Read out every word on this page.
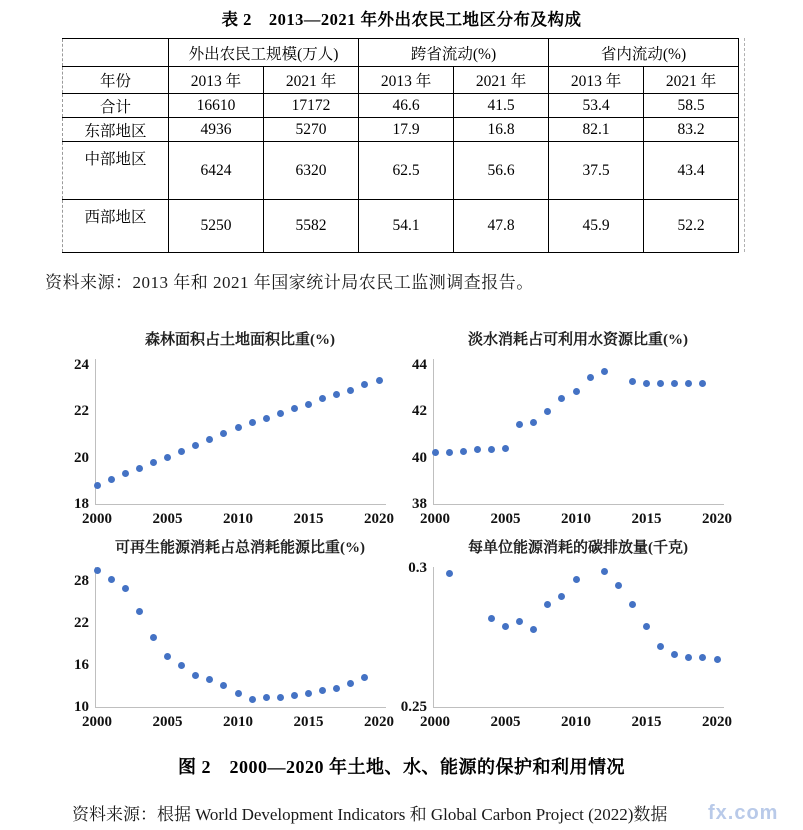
表 2　2013—2021 年外出农民工地区分布及构成
	外出农民工规模(万人)		跨省流动(%)		省内流动(%)	
年份	2013 年	2021 年	2013 年	2021 年	2013 年	2021 年
合计	16610	17172	46.6	41.5	53.4	58.5
东部地区	4936	5270	17.9	16.8	82.1	83.2
中部地区	6424	6320	62.5	56.6	37.5	43.4
西部地区	5250	5582	54.1	47.8	45.9	52.2
资料来源：2013 年和 2021 年国家统计局农民工监测调查报告。
森林面积占土地面积比重(%)
18
20
22
24
2000	2005	2010	2015	2020
淡水消耗占可利用水资源比重(%)
38
40
42
44
2000	2005	2010	2015	2020
可再生能源消耗占总消耗能源比重(%)
10
16
22
28
2000	2005	2010	2015	2020
每单位能源消耗的碳排放量(千克)
0.25
0.3
2000	2005	2010	2015	2020
图 2　2000—2020 年土地、水、能源的保护和利用情况
fx.com
资料来源：根据 World Development Indicators 和 Global Carbon Project (2022)数据
